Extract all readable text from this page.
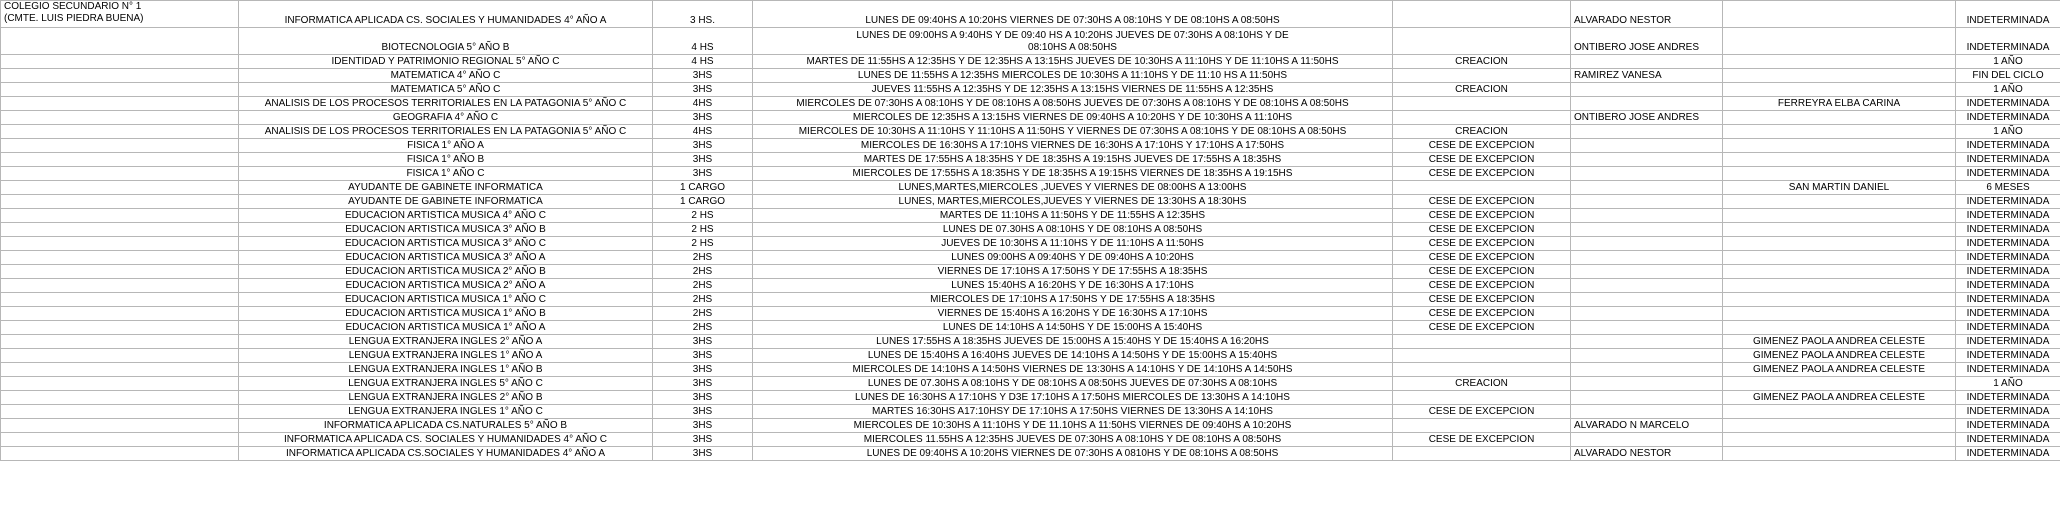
COLEGIO SECUNDARIO N° 1
(CMTE. LUIS PIEDRA BUENA)	INFORMATICA APLICADA CS. SOCIALES Y HUMANIDADES 4° AÑO A	3 HS.	LUNES DE 09:40HS A 10:20HS VIERNES DE 07:30HS A 08:10HS Y DE 08:10HS A 08:50HS		ALVARADO NESTOR		INDETERMINADA
	BIOTECNOLOGIA 5° AÑO B	4 HS	LUNES DE 09:00HS A 9:40HS Y DE 09:40 HS A 10:20HS JUEVES DE 07:30HS A 08:10HS Y DE
08:10HS A 08:50HS		ONTIBERO JOSE ANDRES		INDETERMINADA
	IDENTIDAD Y PATRIMONIO REGIONAL 5° AÑO C	4 HS	MARTES DE 11:55HS A 12:35HS Y DE 12:35HS A 13:15HS JUEVES DE 10:30HS A 11:10HS Y DE 11:10HS A 11:50HS	CREACION			1 AÑO
	MATEMATICA 4° AÑO C	3HS	LUNES DE 11:55HS A 12:35HS MIERCOLES DE 10:30HS A 11:10HS Y DE 11:10 HS A 11:50HS		RAMIREZ VANESA		FIN DEL CICLO
	MATEMATICA 5° AÑO C	3HS	JUEVES 11:55HS A 12:35HS Y DE 12:35HS A 13:15HS VIERNES DE 11:55HS A 12:35HS	CREACION			1 AÑO
	ANALISIS DE LOS PROCESOS TERRITORIALES EN LA PATAGONIA 5° AÑO C	4HS	MIERCOLES DE 07:30HS A 08:10HS Y DE 08:10HS A 08:50HS JUEVES DE 07:30HS A 08:10HS Y DE 08:10HS A 08:50HS			FERREYRA ELBA CARINA	INDETERMINADA
	GEOGRAFIA 4° AÑO C	3HS	MIERCOLES DE 12:35HS A 13:15HS VIERNES DE 09:40HS A 10:20HS Y DE 10:30HS A 11:10HS		ONTIBERO JOSE ANDRES		INDETERMINADA
	ANALISIS DE LOS PROCESOS TERRITORIALES EN LA PATAGONIA 5° AÑO C	4HS	MIERCOLES DE 10:30HS A 11:10HS Y 11:10HS A 11:50HS Y VIERNES DE 07:30HS A 08:10HS Y DE 08:10HS A 08:50HS	CREACION			1 AÑO
	FISICA 1° AÑO A	3HS	MIERCOLES DE 16:30HS A 17:10HS VIERNES DE 16:30HS A 17:10HS Y 17:10HS A 17:50HS	CESE DE EXCEPCION			INDETERMINADA
	FISICA 1° AÑO B	3HS	MARTES DE 17:55HS A 18:35HS Y DE 18:35HS A 19:15HS JUEVES DE 17:55HS A 18:35HS	CESE DE EXCEPCION			INDETERMINADA
	FISICA 1° AÑO C	3HS	MIERCOLES DE 17:55HS A 18:35HS Y DE 18:35HS A 19:15HS VIERNES DE 18:35HS A 19:15HS	CESE DE EXCEPCION			INDETERMINADA
	AYUDANTE DE GABINETE INFORMATICA	1 CARGO	LUNES,MARTES,MIERCOLES ,JUEVES Y VIERNES DE 08:00HS A 13:00HS			SAN MARTIN DANIEL	6 MESES
	AYUDANTE DE GABINETE INFORMATICA	1 CARGO	LUNES, MARTES,MIERCOLES,JUEVES Y VIERNES DE 13:30HS A 18:30HS	CESE DE EXCEPCION			INDETERMINADA
	EDUCACION ARTISTICA MUSICA 4° AÑO C	2 HS	MARTES DE 11:10HS A 11:50HS Y DE 11:55HS A 12:35HS	CESE DE EXCEPCION			INDETERMINADA
	EDUCACION ARTISTICA MUSICA 3° AÑO B	2 HS	LUNES DE 07.30HS A 08:10HS Y DE 08:10HS A 08:50HS	CESE DE EXCEPCION			INDETERMINADA
	EDUCACION ARTISTICA MUSICA 3° AÑO C	2 HS	JUEVES DE 10:30HS A 11:10HS Y DE 11:10HS A 11:50HS	CESE DE EXCEPCION			INDETERMINADA
	EDUCACION ARTISTICA MUSICA 3° AÑO A	2HS	LUNES 09:00HS A 09:40HS Y DE 09:40HS A 10:20HS	CESE DE EXCEPCION			INDETERMINADA
	EDUCACION ARTISTICA MUSICA 2° AÑO B	2HS	VIERNES DE 17:10HS A 17:50HS Y DE 17:55HS A 18:35HS	CESE DE EXCEPCION			INDETERMINADA
	EDUCACION ARTISTICA MUSICA 2° AÑO A	2HS	LUNES 15:40HS A 16:20HS Y DE 16:30HS A 17:10HS	CESE DE EXCEPCION			INDETERMINADA
	EDUCACION ARTISTICA MUSICA 1° AÑO C	2HS	MIERCOLES DE 17:10HS A 17:50HS Y DE 17:55HS A 18:35HS	CESE DE EXCEPCION			INDETERMINADA
	EDUCACION ARTISTICA MUSICA 1° AÑO B	2HS	VIERNES DE 15:40HS A 16:20HS Y DE 16:30HS A 17:10HS	CESE DE EXCEPCION			INDETERMINADA
	EDUCACION ARTISTICA MUSICA 1° AÑO A	2HS	LUNES DE 14:10HS A 14:50HS Y DE 15:00HS A 15:40HS	CESE DE EXCEPCION			INDETERMINADA
	LENGUA EXTRANJERA INGLES 2° AÑO A	3HS	LUNES 17:55HS A 18:35HS JUEVES DE 15:00HS A 15:40HS Y DE 15:40HS A 16:20HS			GIMENEZ PAOLA ANDREA CELESTE	INDETERMINADA
	LENGUA EXTRANJERA INGLES 1° AÑO A	3HS	LUNES DE 15:40HS A 16:40HS JUEVES DE 14:10HS A 14:50HS Y DE 15:00HS A 15:40HS			GIMENEZ PAOLA ANDREA CELESTE	INDETERMINADA
	LENGUA EXTRANJERA INGLES 1° AÑO B	3HS	MIERCOLES DE 14:10HS A 14:50HS VIERNES DE 13:30HS A 14:10HS Y DE 14:10HS A 14:50HS			GIMENEZ PAOLA ANDREA CELESTE	INDETERMINADA
	LENGUA EXTRANJERA INGLES 5° AÑO C	3HS	LUNES DE 07.30HS A 08:10HS Y DE 08:10HS A 08:50HS JUEVES DE 07:30HS A 08:10HS	CREACION			1 AÑO
	LENGUA EXTRANJERA INGLES 2° AÑO B	3HS	LUNES DE 16:30HS A 17:10HS Y D3E 17:10HS A 17:50HS MIERCOLES DE 13:30HS A 14:10HS			GIMENEZ PAOLA ANDREA CELESTE	INDETERMINADA
	LENGUA EXTRANJERA INGLES 1° AÑO C	3HS	MARTES 16:30HS A17:10HSY DE 17:10HS A 17:50HS VIERNES DE 13:30HS A 14:10HS	CESE DE EXCEPCION			INDETERMINADA
	INFORMATICA APLICADA CS.NATURALES 5° AÑO B	3HS	MIERCOLES DE 10:30HS A 11:10HS Y DE 11.10HS A 11:50HS VIERNES DE 09:40HS A 10:20HS		ALVARADO N MARCELO		INDETERMINADA
	INFORMATICA APLICADA CS. SOCIALES Y HUMANIDADES 4° AÑO C	3HS	MIERCOLES 11.55HS A 12:35HS JUEVES DE 07:30HS A 08:10HS Y DE 08:10HS A 08:50HS	CESE DE EXCEPCION			INDETERMINADA
	INFORMATICA APLICADA CS.SOCIALES Y HUMANIDADES 4° AÑO A	3HS	LUNES DE 09:40HS A 10:20HS VIERNES DE 07:30HS A 0810HS Y DE 08:10HS A 08:50HS		ALVARADO NESTOR		INDETERMINADA
